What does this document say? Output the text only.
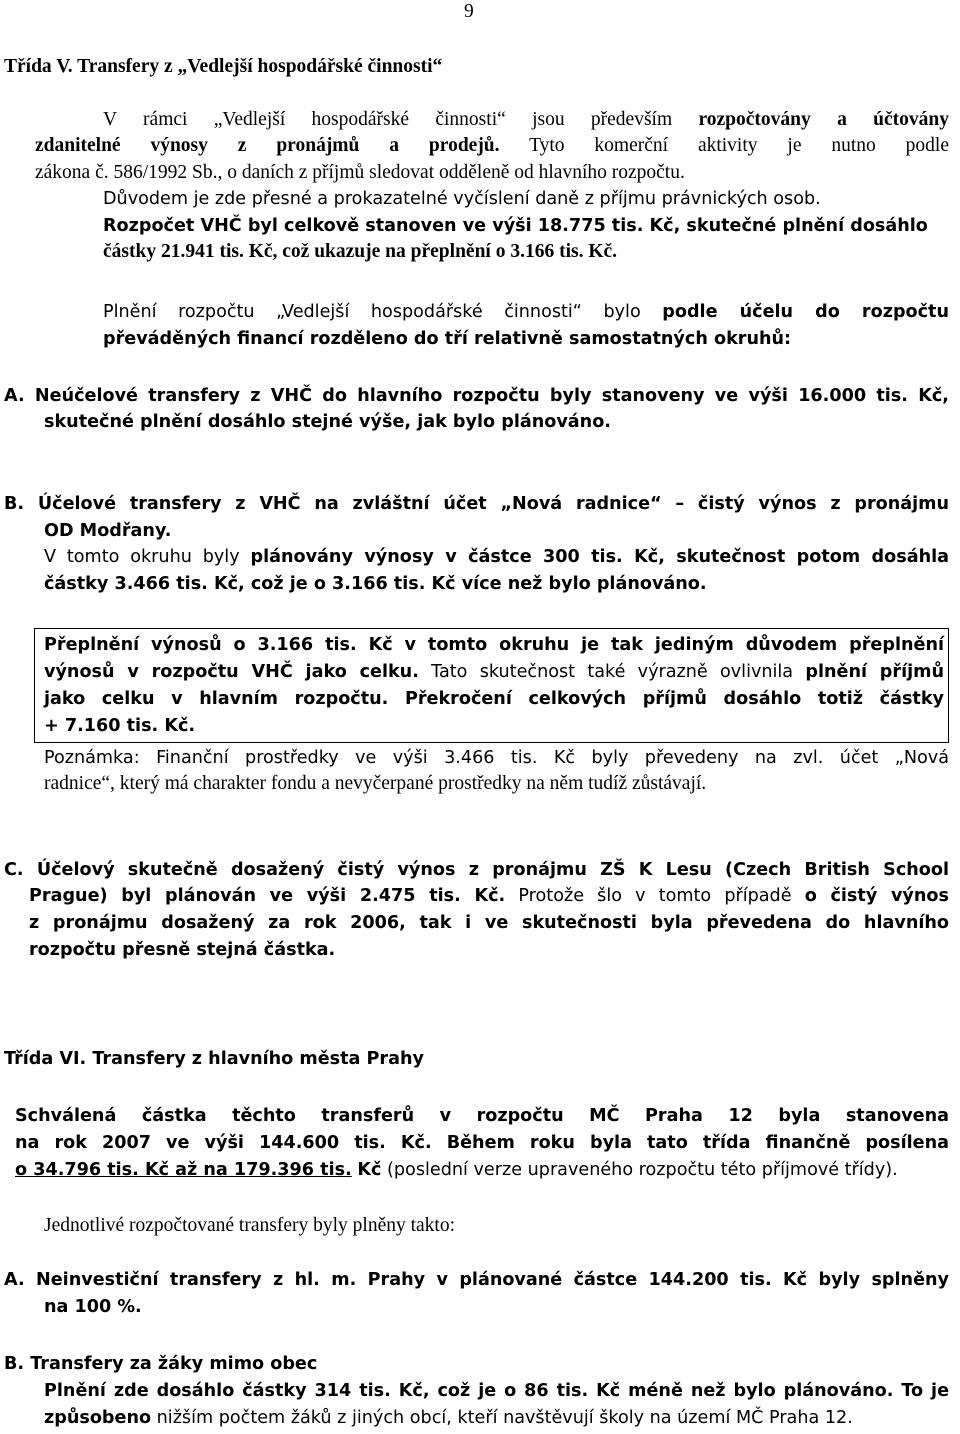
9
Třída V. Transfery z „Vedlejší hospodářské činnosti“
V rámci „Vedlejší hospodářské činnosti“ jsou především rozpočtovány a účtovány
zdanitelné výnosy z pronájmů a prodejů. Tyto komerční aktivity je nutno podle
zákona č. 586/1992 Sb., o daních z příjmů sledovat odděleně od hlavního rozpočtu.
Důvodem je zde přesné a prokazatelné vyčíslení daně z příjmu právnických osob.
Rozpočet VHČ byl celkově stanoven ve výši 18.775 tis. Kč, skutečné plnění dosáhlo
částky 21.941 tis. Kč, což ukazuje na přeplnění o 3.166 tis. Kč.
Plnění rozpočtu „Vedlejší hospodářské činnosti“ bylo podle účelu do rozpočtu
převáděných financí rozděleno do tří relativně samostatných okruhů:
A. Neúčelové transfery z VHČ do hlavního rozpočtu byly stanoveny ve výši 16.000 tis. Kč,
skutečné plnění dosáhlo stejné výše, jak bylo plánováno.
B. Účelové transfery z VHČ na zvláštní účet „Nová radnice“ – čistý výnos z pronájmu
OD Modřany.
V tomto okruhu byly plánovány výnosy v částce 300 tis. Kč, skutečnost potom dosáhla
částky 3.466 tis. Kč, což je o 3.166 tis. Kč více než bylo plánováno.
Přeplnění výnosů o 3.166 tis. Kč v tomto okruhu je tak jediným důvodem přeplnění
výnosů v rozpočtu VHČ jako celku. Tato skutečnost také výrazně ovlivnila plnění příjmů
jako celku v hlavním rozpočtu. Překročení celkových příjmů dosáhlo totiž částky
+ 7.160 tis. Kč.
Poznámka: Finanční prostředky ve výši 3.466 tis. Kč byly převedeny na zvl. účet „Nová
radnice“, který má charakter fondu a nevyčerpané prostředky na něm tudíž zůstávají.
C. Účelový skutečně dosažený čistý výnos z pronájmu ZŠ K Lesu (Czech British School
Prague) byl plánován ve výši 2.475 tis. Kč. Protože šlo v tomto případě o čistý výnos
z pronájmu dosažený za rok 2006, tak i ve skutečnosti byla převedena do hlavního
rozpočtu přesně stejná částka.
Třída VI. Transfery z hlavního města Prahy
Schválená částka těchto transferů v rozpočtu MČ Praha 12 byla stanovena
na rok 2007 ve výši 144.600 tis. Kč. Během roku byla tato třída finančně posílena
o 34.796 tis. Kč až na 179.396 tis. Kč (poslední verze upraveného rozpočtu této příjmové třídy).
Jednotlivé rozpočtované transfery byly plněny takto:
A. Neinvestiční transfery z hl. m. Prahy v plánované částce 144.200 tis. Kč byly splněny
na 100 %.
B. Transfery za žáky mimo obec
Plnění zde dosáhlo částky 314 tis. Kč, což je o 86 tis. Kč méně než bylo plánováno. To je
způsobeno nižším počtem žáků z jiných obcí, kteří navštěvují školy na území MČ Praha 12.
